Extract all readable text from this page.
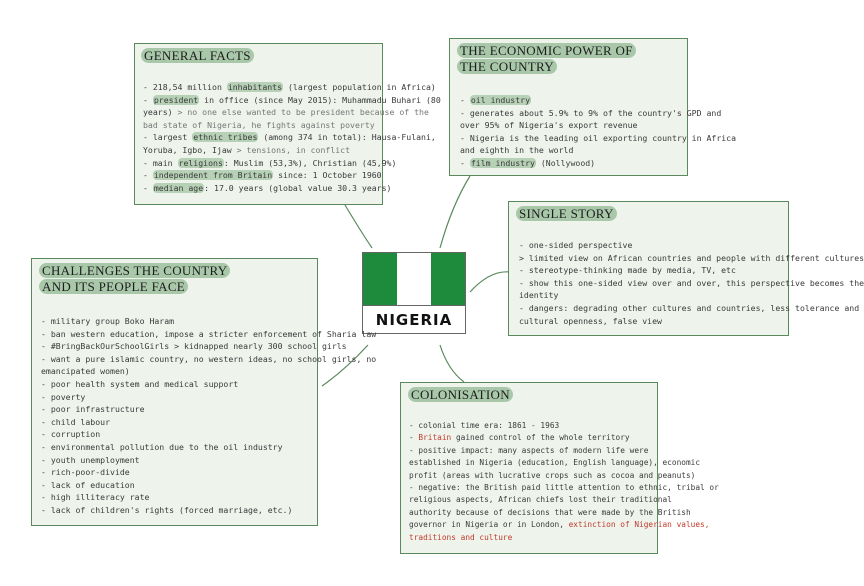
NIGERIA
GENERAL FACTS
- 218,54 million inhabitants (largest population in Africa)
- president in office (since May 2015): Muhammadu Buhari (80
years) > no one else wanted to be president because of the
bad state of Nigeria, he fights against poverty
- largest ethnic tribes (among 374 in total): Hausa-Fulani,
Yoruba, Igbo, Ijaw > tensions, in conflict
- main religions: Muslim (53,3%), Christian (45,9%)
- independent from Britain since: 1 October 1960
- median age: 17.0 years (global value 30.3 years)
THE ECONOMIC POWER OF
THE COUNTRY
- oil industry
- generates about 5.9% to 9% of the country's GPD and
over 95% of Nigeria's export revenue
- Nigeria is the leading oil exporting country in Africa
and eighth in the world
- film industry (Nollywood)
SINGLE STORY
- one-sided perspective
> limited view on African countries and people with different cultures
- stereotype-thinking made by media, TV, etc
- show this one-sided view over and over, this perspective becomes the
identity
- dangers: degrading other cultures and countries, less tolerance and
cultural openness, false view
CHALLENGES THE COUNTRY
AND ITS PEOPLE FACE
- military group Boko Haram
- ban western education, impose a stricter enforcement of Sharia law
- #BringBackOurSchoolGirls > kidnapped nearly 300 school girls
- want a pure islamic country, no western ideas, no school girls, no
emancipated women)
- poor health system and medical support
- poverty
- poor infrastructure
- child labour
- corruption
- environmental pollution due to the oil industry
- youth unemployment
- rich-poor-divide
- lack of education
- high illiteracy rate
- lack of children's rights (forced marriage, etc.)
COLONISATION
- colonial time era: 1861 - 1963
- Britain gained control of the whole territory
- positive impact: many aspects of modern life were
established in Nigeria (education, English language), economic
profit (areas with lucrative crops such as cocoa and peanuts)
- negative: the British paid little attention to ethnic, tribal or
religious aspects, African chiefs lost their traditional
authority because of decisions that were made by the British
governor in Nigeria or in London, extinction of Nigerian values,
traditions and culture
